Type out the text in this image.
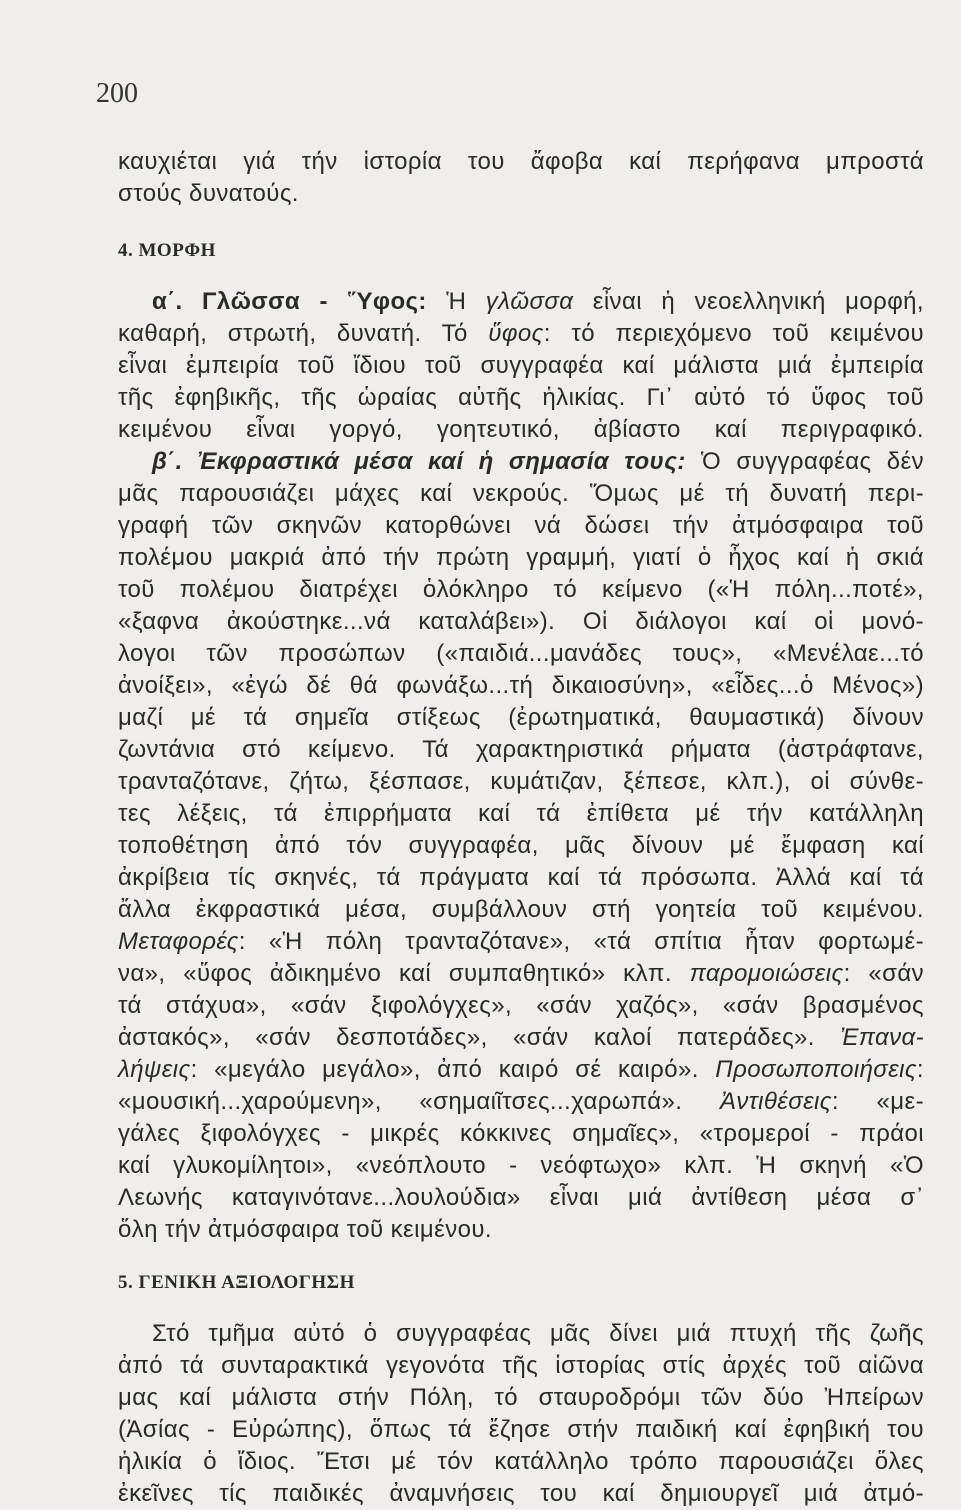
200
καυχιέται γιά τήν ἱστορία του ἄφοβα καί περήφανα μπροστά
στούς δυνατούς.
4. ΜΟΡΦΗ
α΄. Γλῶσσα - Ὕφος: Ἡ γλῶσσα εἶναι ἡ νεοελληνική μορφή,
καθαρή, στρωτή, δυνατή. Τό ὕφος: τό περιεχόμενο τοῦ κειμένου
εἶναι ἐμπειρία τοῦ ἴδιου τοῦ συγγραφέα καί μάλιστα μιά ἐμπειρία
τῆς ἐφηβικῆς, τῆς ὡραίας αὐτῆς ἡλικίας. Γι᾿ αὐτό τό ὕφος τοῦ
κειμένου εἶναι γοργό, γοητευτικό, ἀβίαστο καί περιγραφικό.
β΄. Ἐκφραστικά μέσα καί ἡ σημασία τους: Ὁ συγγραφέας δέν
μᾶς παρουσιάζει μάχες καί νεκρούς. Ὅμως μέ τή δυνατή περι-
γραφή τῶν σκηνῶν κατορθώνει νά δώσει τήν ἀτμόσφαιρα τοῦ
πολέμου μακριά ἀπό τήν πρώτη γραμμή, γιατί ὁ ἦχος καί ἡ σκιά
τοῦ πολέμου διατρέχει ὁλόκληρο τό κείμενο («Ἡ πόλη...ποτέ»,
«ξαφνα ἀκούστηκε...νά καταλάβει»). Οἱ διάλογοι καί οἱ μονό-
λογοι τῶν προσώπων («παιδιά...μανάδες τους», «Μενέλαε...τό
ἀνοίξει», «ἐγώ δέ θά φωνάξω...τή δικαιοσύνη», «εἶδες...ὁ Μένος»)
μαζί μέ τά σημεῖα στίξεως (ἐρωτηματικά, θαυμαστικά) δίνουν
ζωντάνια στό κείμενο. Τά χαρακτηριστικά ρήματα (ἀστράφτανε,
τρανταζότανε, ζήτω, ξέσπασε, κυμάτιζαν, ξέπεσε, κλπ.), οἱ σύνθε-
τες λέξεις, τά ἐπιρρήματα καί τά ἐπίθετα μέ τήν κατάλληλη
τοποθέτηση ἀπό τόν συγγραφέα, μᾶς δίνουν μέ ἔμφαση καί
ἀκρίβεια τίς σκηνές, τά πράγματα καί τά πρόσωπα. Ἀλλά καί τά
ἄλλα ἐκφραστικά μέσα, συμβάλλουν στή γοητεία τοῦ κειμένου.
Μεταφορές: «Ἡ πόλη τρανταζότανε», «τά σπίτια ἦταν φορτωμέ-
να», «ὕφος ἀδικημένο καί συμπαθητικό» κλπ. παρομοιώσεις: «σάν
τά στάχυα», «σάν ξιφολόγχες», «σάν χαζός», «σάν βρασμένος
ἀστακός», «σάν δεσποτάδες», «σάν καλοί πατεράδες». Ἐπανα-
λήψεις: «μεγάλο μεγάλο», ἀπό καιρό σέ καιρό». Προσωποποιήσεις:
«μουσική...χαρούμενη», «σημαιῖτσες...χαρωπά». Ἀντιθέσεις: «με-
γάλες ξιφολόγχες - μικρές κόκκινες σημαῖες», «τρομεροί - πράοι
καί γλυκομίλητοι», «νεόπλουτο - νεόφτωχο» κλπ. Ἡ σκηνή «Ὁ
Λεωνής καταγινότανε...λουλούδια» εἶναι μιά ἀντίθεση μέσα σ᾿
ὅλη τήν ἀτμόσφαιρα τοῦ κειμένου.
5. ΓΕΝΙΚΗ ΑΞΙΟΛΟΓΗΣΗ
Στό τμῆμα αὐτό ὁ συγγραφέας μᾶς δίνει μιά πτυχή τῆς ζωῆς
ἀπό τά συνταρακτικά γεγονότα τῆς ἱστορίας στίς ἀρχές τοῦ αἰῶνα
μας καί μάλιστα στήν Πόλη, τό σταυροδρόμι τῶν δύο Ἠπείρων
(Ἀσίας - Εὐρώπης), ὅπως τά ἔζησε στήν παιδική καί ἐφηβική του
ἡλικία ὁ ἴδιος. Ἔτσι μέ τόν κατάλληλο τρόπο παρουσιάζει ὅλες
ἐκεῖνες τίς παιδικές ἀναμνήσεις του καί δημιουργεῖ μιά ἀτμό-
